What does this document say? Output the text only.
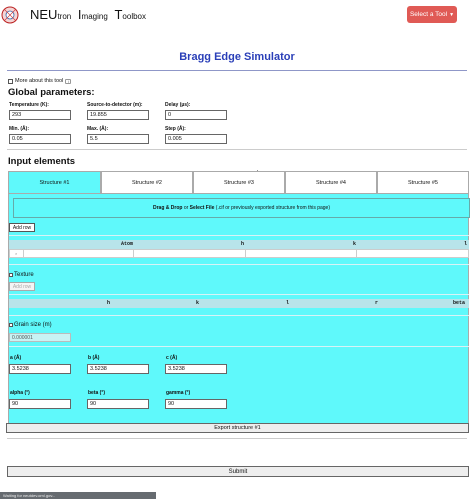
NEUtron Imaging Toolbox	Select a Tool ▼
Bragg Edge Simulator
More about this tool	i
Global parameters:
Temperature (K):
293
Source-to-detector (m):
19.855
Delay (µs):
0
Min. (Å):
0.05
Max. (Å):
5.5
Step (Å):
0.005
Input elements
Structure #1	Structure #2	Structure #3	Structure #4	Structure #5
Drag & Drop or Select File (.cif or previously exported structure from this page)
Add row
Atom	h	k	l
×
Texture
Add row
h	k	l	r	beta
Grain size (m)
0.000001
a (Å)
3.5238
b (Å)
3.5238
c (Å)
3.5238
alpha (°)
90
beta (°)
90
gamma (°)
90
Export structure #1
Submit
Waiting for neutdev.ornl.gov...
